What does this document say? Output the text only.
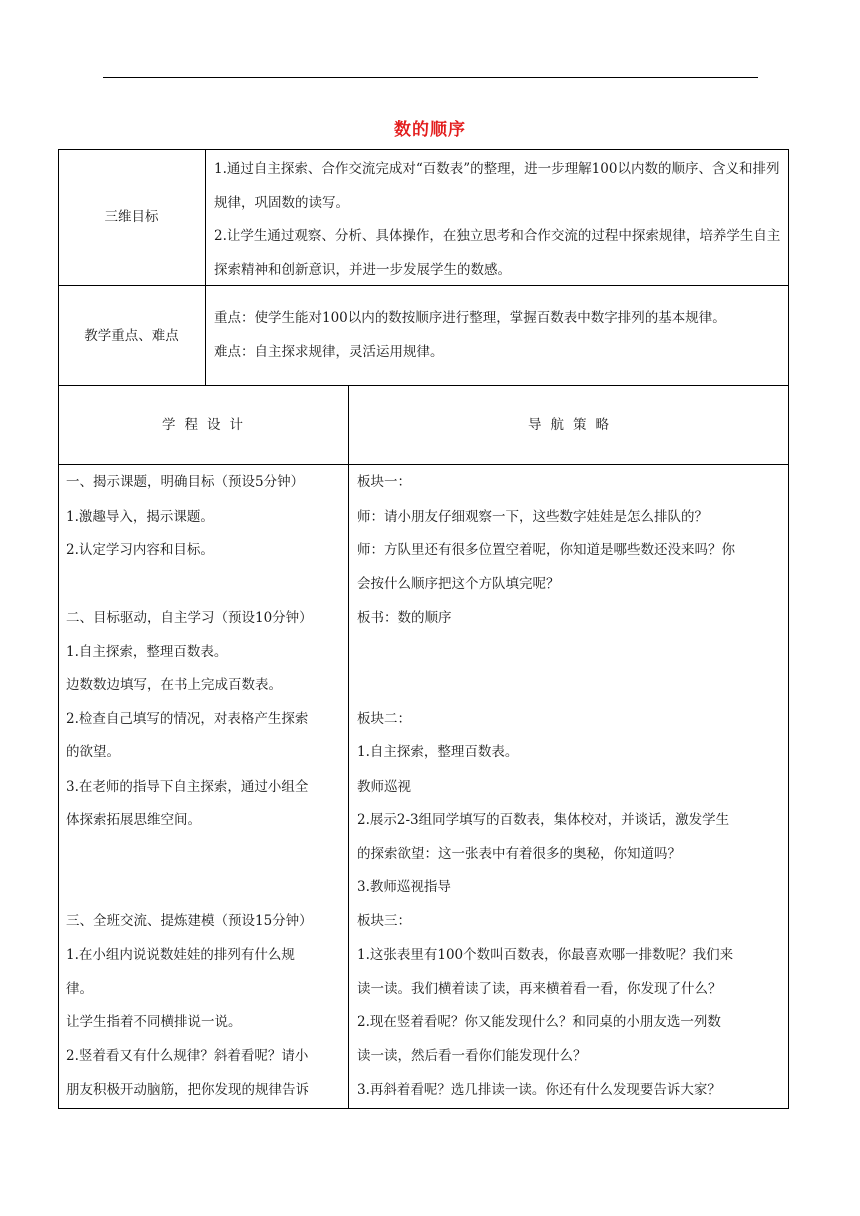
数的顺序
三维目标

1.通过自主探索、合作交流完成对“百数表”的整理，进一步理解100以内数的顺序、含义和排列规律，巩固数的读写。

2.让学生通过观察、分析、具体操作，在独立思考和合作交流的过程中探索规律，培养学生自主探索精神和创新意识，并进一步发展学生的数感。

教学重点、难点
重点：使学生能对100以内的数按顺序进行整理，掌握百数表中数字排列的基本规律。
难点：自主探求规律，灵活运用规律。
学程设计	导航策略
一、揭示课题，明确目标（预设5分钟）
1.激趣导入，揭示课题。
2.认定学习内容和目标。
二、目标驱动，自主学习（预设10分钟）
1.自主探索，整理百数表。
边数数边填写，在书上完成百数表。
2.检查自己填写的情况，对表格产生探索
的欲望。
3.在老师的指导下自主探索，通过小组全
体探索拓展思维空间。
三、全班交流、提炼建模（预设15分钟）
1.在小组内说说数娃娃的排列有什么规
律。
让学生指着不同横排说一说。
2.竖着看又有什么规律？斜着看呢？请小
朋友积极开动脑筋，把你发现的规律告诉
板块一：
师：请小朋友仔细观察一下，这些数字娃娃是怎么排队的？
师：方队里还有很多位置空着呢，你知道是哪些数还没来吗？你
会按什么顺序把这个方队填完呢？
板书：数的顺序
板块二：
1.自主探索，整理百数表。
教师巡视
2.展示2-3组同学填写的百数表，集体校对，并谈话，激发学生
的探索欲望：这一张表中有着很多的奥秘，你知道吗？
3.教师巡视指导
板块三：
1.这张表里有100个数叫百数表，你最喜欢哪一排数呢？我们来
读一读。我们横着读了读，再来横着看一看，你发现了什么？
2.现在竖着看呢？你又能发现什么？和同桌的小朋友选一列数
读一读，然后看一看你们能发现什么？
3.再斜着看呢？选几排读一读。你还有什么发现要告诉大家？
